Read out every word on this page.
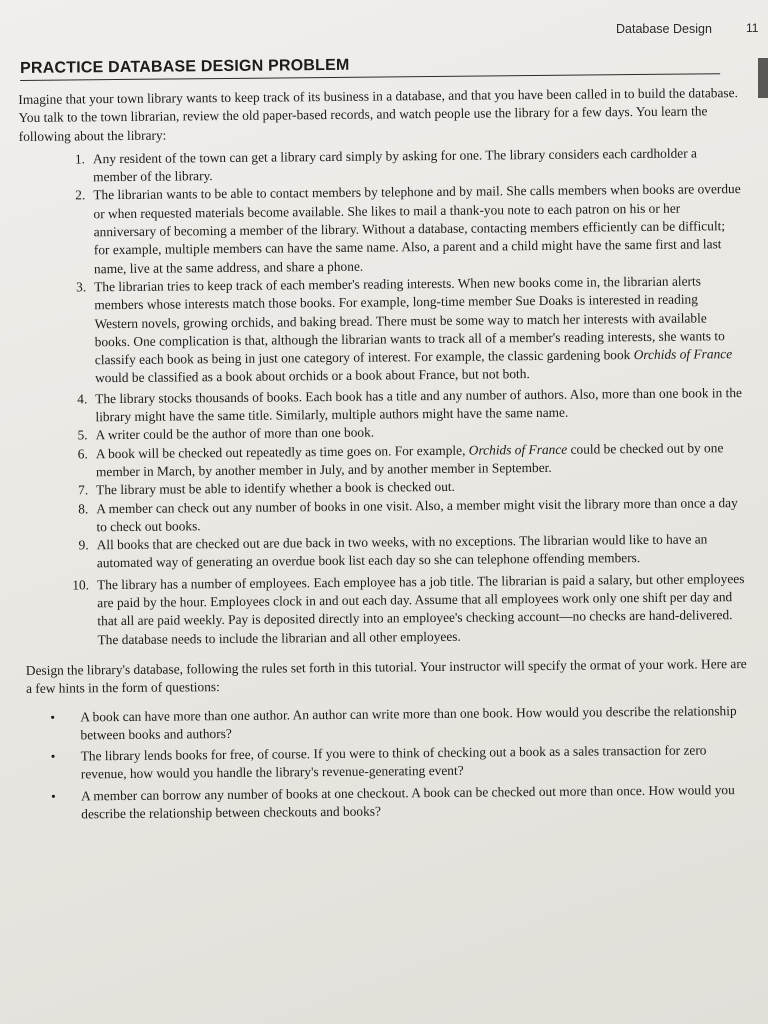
Database Design	11
PRACTICE DATABASE DESIGN PROBLEM

Imagine that your town library wants to keep track of its business in a database, and that you have been called in to build the database. You talk to the town librarian, review the old paper-based records, and watch people use the library for a few days. You learn the following about the library:

1. Any resident of the town can get a library card simply by asking for one. The library considers each cardholder a member of the library.
2. The librarian wants to be able to contact members by telephone and by mail. She calls members when books are overdue or when requested materials become available. She likes to mail a thank-you note to each patron on his or her anniversary of becoming a member of the library. Without a database, contacting members efficiently can be difficult; for example, multiple members can have the same name. Also, a parent and a child might have the same first and last name, live at the same address, and share a phone.
3. The librarian tries to keep track of each member's reading interests. When new books come in, the librarian alerts members whose interests match those books. For example, long-time member Sue Doaks is interested in reading Western novels, growing orchids, and baking bread. There must be some way to match her interests with available books. One complication is that, although the librarian wants to track all of a member's reading interests, she wants to classify each book as being in just one category of interest. For example, the classic gardening book Orchids of France would be classified as a book about orchids or a book about France, but not both.
4. The library stocks thousands of books. Each book has a title and any number of authors. Also, more than one book in the library might have the same title. Similarly, multiple authors might have the same name.
5. A writer could be the author of more than one book.
6. A book will be checked out repeatedly as time goes on. For example, Orchids of France could be checked out by one member in March, by another member in July, and by another member in September.
7. The library must be able to identify whether a book is checked out.
8. A member can check out any number of books in one visit. Also, a member might visit the library more than once a day to check out books.
9. All books that are checked out are due back in two weeks, with no exceptions. The librarian would like to have an automated way of generating an overdue book list each day so she can telephone offending members.
10. The library has a number of employees. Each employee has a job title. The librarian is paid a salary, but other employees are paid by the hour. Employees clock in and out each day. Assume that all employees work only one shift per day and that all are paid weekly. Pay is deposited directly into an employee's checking account—no checks are hand-delivered. The database needs to include the librarian and all other employees.

Design the library's database, following the rules set forth in this tutorial. Your instructor will specify the ormat of your work. Here are a few hints in the form of questions:

• A book can have more than one author. An author can write more than one book. How would you describe the relationship between books and authors?
• The library lends books for free, of course. If you were to think of checking out a book as a sales transaction for zero revenue, how would you handle the library's revenue-generating event?
• A member can borrow any number of books at one checkout. A book can be checked out more than once. How would you describe the relationship between checkouts and books?
